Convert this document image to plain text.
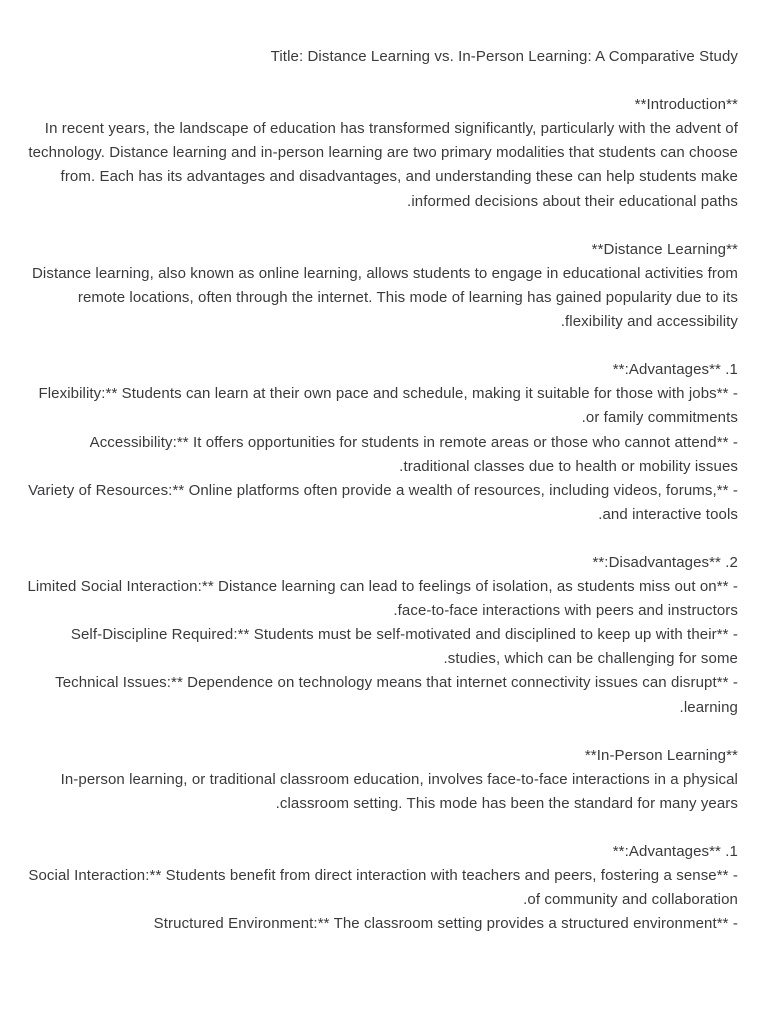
Title: Distance Learning vs. In-Person Learning: A Comparative Study

**Introduction**

In recent years, the landscape of education has transformed significantly, particularly with the advent of technology. Distance learning and in-person learning are two primary modalities that students can choose from. Each has its advantages and disadvantages, and understanding these can help students make informed decisions about their educational paths.

**Distance Learning**

Distance learning, also known as online learning, allows students to engage in educational activities from remote locations, often through the internet. This mode of learning has gained popularity due to its flexibility and accessibility.

1. **Advantages:**

- **Flexibility:** Students can learn at their own pace and schedule, making it suitable for those with jobs or family commitments.

- **Accessibility:** It offers opportunities for students in remote areas or those who cannot attend traditional classes due to health or mobility issues.

- **Variety of Resources:** Online platforms often provide a wealth of resources, including videos, forums, and interactive tools.

2. **Disadvantages:**

- **Limited Social Interaction:** Distance learning can lead to feelings of isolation, as students miss out on face-to-face interactions with peers and instructors.

- **Self-Discipline Required:** Students must be self-motivated and disciplined to keep up with their studies, which can be challenging for some.

- **Technical Issues:** Dependence on technology means that internet connectivity issues can disrupt learning.

**In-Person Learning**

In-person learning, or traditional classroom education, involves face-to-face interactions in a physical classroom setting. This mode has been the standard for many years.

1. **Advantages:**

- **Social Interaction:** Students benefit from direct interaction with teachers and peers, fostering a sense of community and collaboration.

- **Structured Environment:** The classroom setting provides a structured environment
